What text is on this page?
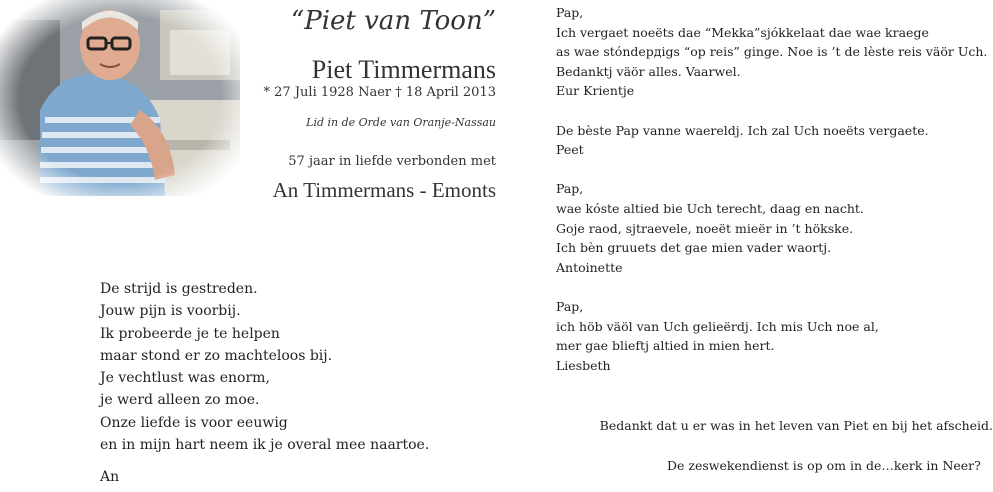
“Piet van Toon”
Piet Timmermans
* 27 Juli 1928 Naer † 18 April 2013
Lid in de Orde van Oranje-Nassau
57 jaar in liefde verbonden met
An Timmermans - Emonts
De strijd is gestreden.
Jouw pijn is voorbij.
Ik probeerde je te helpen
maar stond er zo machteloos bij.
Je vechtlust was enorm,
je werd alleen zo moe.
Onze liefde is voor eeuwig
en in mijn hart neem ik je overal mee naartoe.
An
Pap,
Ich vergaet noeëts dae “Mekka”sjókkelaat dae wae kraege
as wae stóndердigs “op reis” ginge. Noe is ’t de lèste reis väör Uch.
Bedanktj väör alles. Vaarwel.
Eur Krientje
De bèste Pap vanne waereldj. Ich zal Uch noeëts vergaete.
Peet
Pap,
wae kóste altied bie Uch terecht, daag en nacht.
Goje raod, sjtraevele, noeët mieër in ’t hökske.
Ich bèn gruuets det gae mien vader waortj.
Antoinette
Pap,
ich höb väöl van Uch gelieërdj. Ich mis Uch noe al,
mer gae blieftj altied in mien hert.
Liesbeth
Bedankt dat u er was in het leven van Piet en bij het afscheid.
De zeswekendienst is op om in de…kerk in Neer?
